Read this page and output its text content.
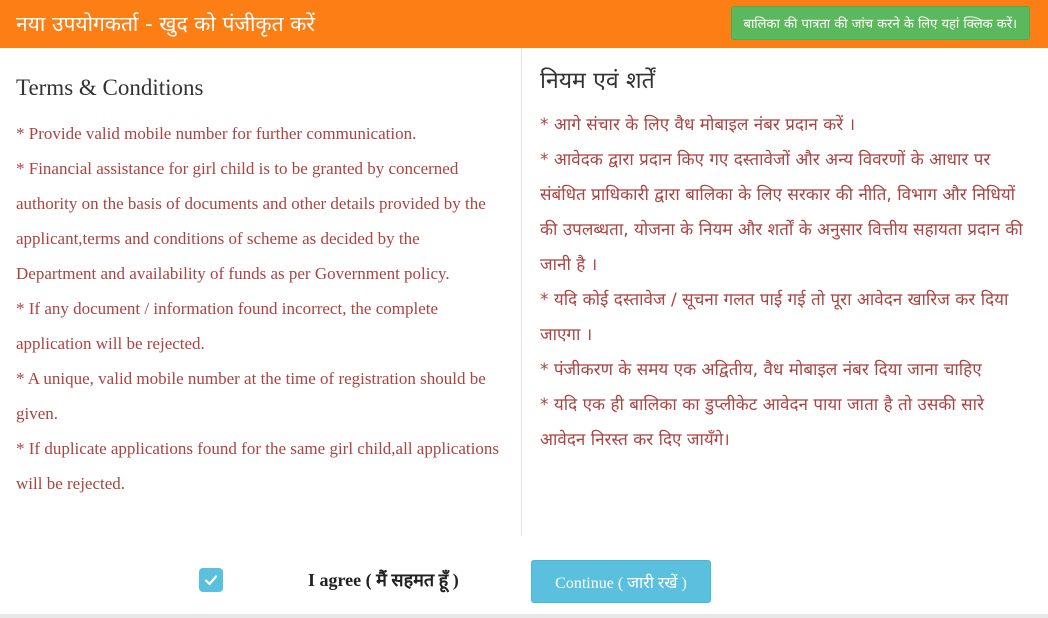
नया उपयोगकर्ता - खुद को पंजीकृत करें	बालिका की पात्रता की जांच करने के लिए यहां क्लिक करें।
Terms & Conditions
* Provide valid mobile number for further communication.
* Financial assistance for girl child is to be granted by concerned authority on the basis of documents and other details provided by the applicant,terms and conditions of scheme as decided by the Department and availability of funds as per Government policy.
* If any document / information found incorrect, the complete application will be rejected.
* A unique, valid mobile number at the time of registration should be given.
* If duplicate applications found for the same girl child,all applications will be rejected.
नियम एवं शर्तें
* आगे संचार के लिए वैध मोबाइल नंबर प्रदान करें ।
* आवेदक द्वारा प्रदान किए गए दस्तावेजों और अन्य विवरणों के आधार पर संबंधित प्राधिकारी द्वारा बालिका के लिए सरकार की नीति, विभाग और निधियों की उपलब्धता, योजना के नियम और शर्तों के अनुसार वित्तीय सहायता प्रदान की जानी है ।
* यदि कोई दस्तावेज / सूचना गलत पाई गई तो पूरा आवेदन खारिज कर दिया जाएगा ।
* पंजीकरण के समय एक अद्वितीय, वैध मोबाइल नंबर दिया जाना चाहिए
* यदि एक ही बालिका का डुप्लीकेट आवेदन पाया जाता है तो उसकी सारे आवेदन निरस्त कर दिए जायँगे।
I agree ( मैं सहमत हूँ )	Continue ( जारी रखें )
